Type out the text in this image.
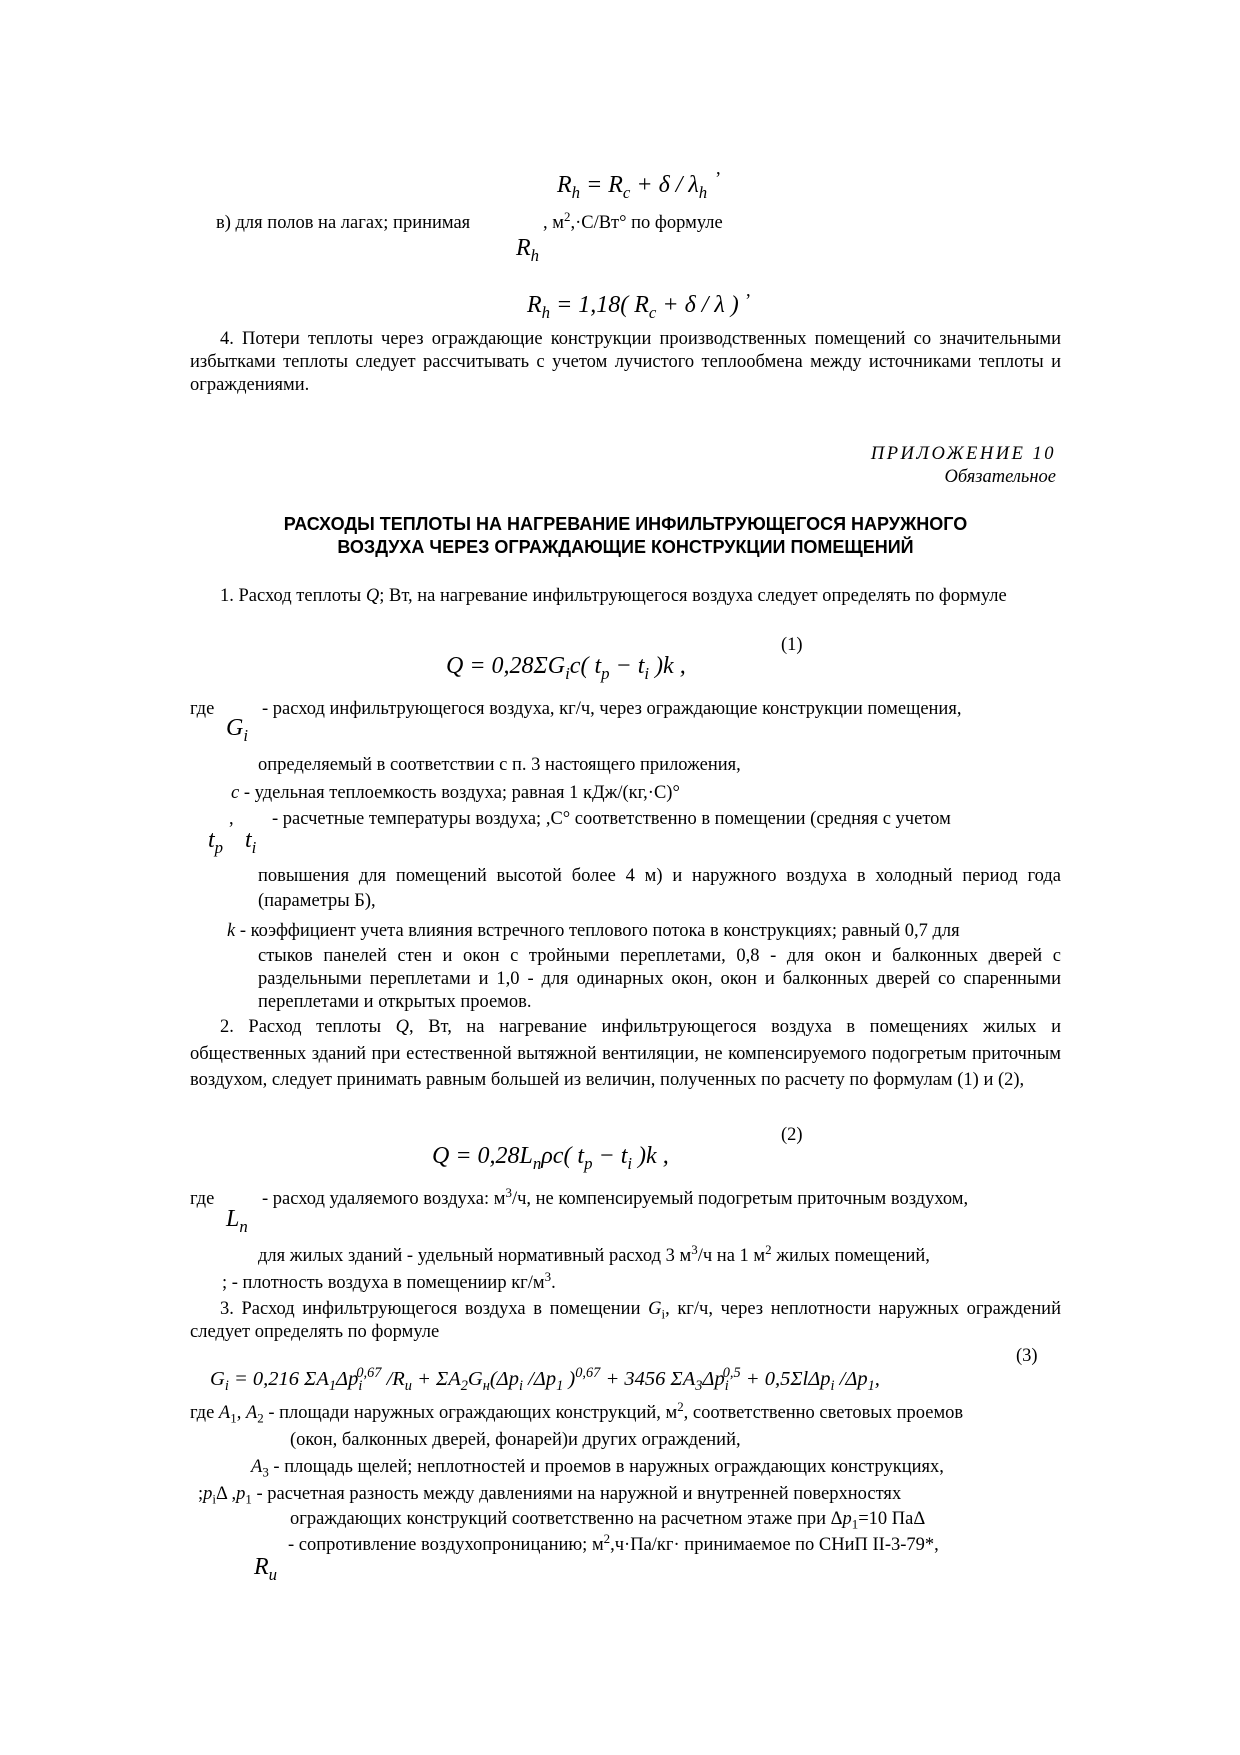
$R_h = R_c + \delta / \lambda_h$
,
в) для полов на лагах; принимая	, $м^2,\cdot С/Вт^\circ$ по формуле
$R_h$
$R_h = 1,18$( $R_c + \delta / \lambda$ )
,
4. Потери теплоты через ограждающие конструкции производственных помещений со значительными избытками теплоты следует рассчитывать с учетом лучистого теплообмена между источниками теплоты и ограждениями.
ПРИЛОЖЕНИЕ 10
Обязательное
РАСХОДЫ ТЕПЛОТЫ НА НАГРЕВАНИЕ ИНФИЛЬТРУЮЩЕГОСЯ НАРУЖНОГО
ВОЗДУХА ЧЕРЕЗ ОГРАЖДАЮЩИЕ КОНСТРУКЦИИ ПОМЕЩЕНИЙ
1. Расход теплоты Q; Вт, на нагревание инфильтрующегося воздуха следует определять по формуле
(1)
$Q = 0,28\Sigma G_ic$( $t_p - t_i$ )k ,
где	- расход инфильтрующегося воздуха, кг/ч, через ограждающие конструкции помещения,
$G_i$
определяемый в соответствии с п. 3 настоящего приложения,
с - удельная теплоемкость воздуха; равная 1 кДж/(кг,·С)°
, - расчетные температуры воздуха; ,С° соответственно в помещении (средняя с учетом
$t_р$ $t_i$
повышения для помещений высотой более 4 м) и наружного воздуха в холодный период года (параметры Б),
k - коэффициент учета влияния встречного теплового потока в конструкциях; равный 0,7 для
стыков панелей стен и окон с тройными переплетами, 0,8 - для окон и балконных дверей с раздельными переплетами и 1,0 - для одинарных окон, окон и балконных дверей со спаренными переплетами и открытых проемов.
2. Расход теплоты Q, Вт, на нагревание инфильтрующегося воздуха в помещениях жилых и общественных зданий при естественной вытяжной вентиляции, не компенсируемого подогретым приточным воздухом, следует принимать равным большей из величин, полученных по расчету по формулам (1) и (2),
(2)
$Q = 0,28L_n\rho c$( $t_p - t_i$ )k ,
где	- расход удаляемого воздуха: $м^3/ч$, не компенсируемый подогретым приточным воздухом,
$L_n$
для жилых зданий - удельный нормативный расход 3 $м^3/ч$ на 1 $м^2$ жилых помещений,
; - плотность воздуха в помещениир $кг/м^3$.
3. Расход инфильтрующегося воздуха в помещении $G_i$, кг/ч, через неплотности наружных ограждений следует определять по формуле
(3)
$G_i = 0,216$ $\Sigma A_1\Delta p_i^{0,67}$ $/R_u + \Sigma A_2G_н(\Delta p_i$ $/\Delta p_1$ )$^{0,67}$ + 3456 $\Sigma A_3\Delta p_i^{0,5} + 0,5\Sigma l\Delta p_i$ $/\Delta p_1$,
где $A_1$, $A_2$ - площади наружных ограждающих конструкций, $м^2$, соответственно световых проемов
(окон, балконных дверей, фонарей)и других ограждений,
$A_3$ - площадь щелей; неплотностей и проемов в наружных ограждающих конструкциях,
$;p_i\Delta$ $,p_1$ - расчетная разность между давлениями на наружной и внутренней поверхностях
ограждающих конструкций соответственно на расчетном этаже при $\Delta p_1=10$ ПаΔ
- сопротивление воздухопроницанию; $м^2,ч\cdot Па/кг\cdot$ принимаемое по СНиП II-3-79*,
$R_u$
